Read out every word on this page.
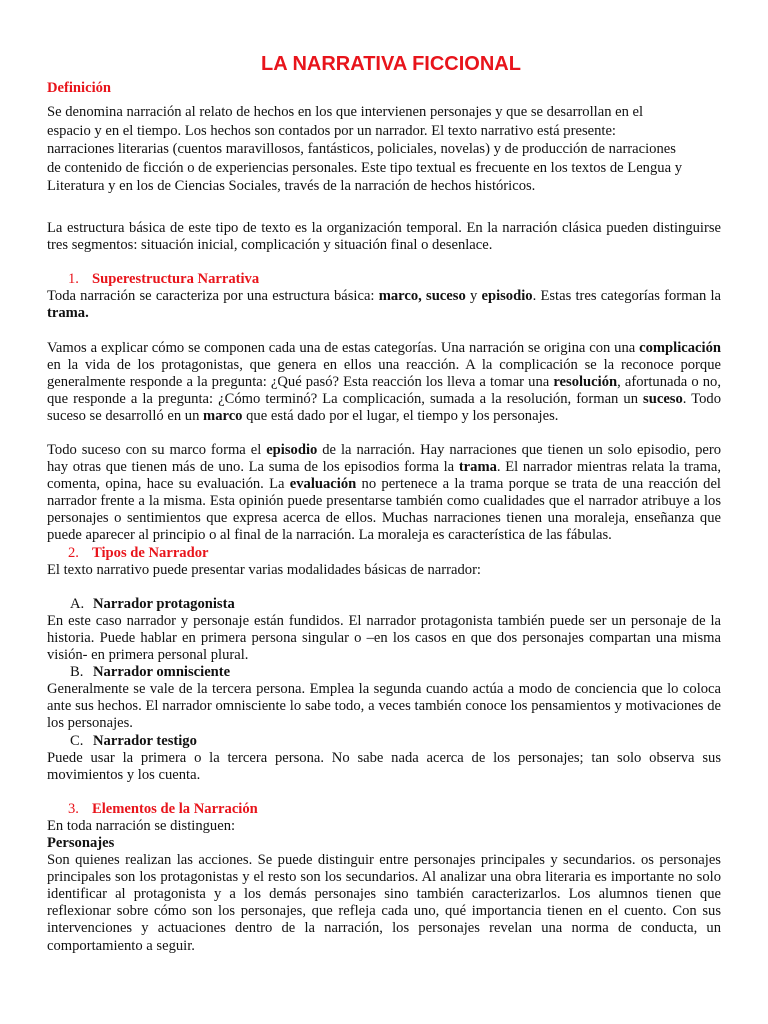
LA NARRATIVA FICCIONAL

Definición

Se denomina narración al relato de hechos en los que intervienen personajes y que se desarrollan en el
espacio y en el tiempo. Los hechos son contados por un narrador. El texto narrativo está presente:
narraciones literarias (cuentos maravillosos, fantásticos, policiales, novelas) y de producción de narraciones
de contenido de ficción o de experiencias personales. Este tipo textual es frecuente en los textos de Lengua y
Literatura y en los de Ciencias Sociales, través de la narración de hechos históricos.

La estructura básica de este tipo de texto es la organización temporal. En la narración clásica pueden distinguirse tres segmentos: situación inicial, complicación y situación final o desenlace.

1. Superestructura Narrativa

Toda narración se caracteriza por una estructura básica: marco, suceso y episodio. Estas tres categorías forman la trama.

Vamos a explicar cómo se componen cada una de estas categorías. Una narración se origina con una complicación en la vida de los protagonistas, que genera en ellos una reacción. A la complicación se la reconoce porque generalmente responde a la pregunta: ¿Qué pasó? Esta reacción los lleva a tomar una resolución, afortunada o no, que responde a la pregunta: ¿Cómo terminó? La complicación, sumada a la resolución, forman un suceso. Todo suceso se desarrolló en un marco que está dado por el lugar, el tiempo y los personajes.

Todo suceso con su marco forma el episodio de la narración. Hay narraciones que tienen un solo episodio, pero hay otras que tienen más de uno. La suma de los episodios forma la trama. El narrador mientras relata la trama, comenta, opina, hace su evaluación. La evaluación no pertenece a la trama porque se trata de una reacción del narrador frente a la misma. Esta opinión puede presentarse también como cualidades que el narrador atribuye a los personajes o sentimientos que expresa acerca de ellos. Muchas narraciones tienen una moraleja, enseñanza que puede aparecer al principio o al final de la narración. La moraleja es característica de las fábulas.

2. Tipos de Narrador

El texto narrativo puede presentar varias modalidades básicas de narrador:

A. Narrador protagonista

En este caso narrador y personaje están fundidos. El narrador protagonista también puede ser un personaje de la historia. Puede hablar en primera persona singular o –en los casos en que dos personajes compartan una misma visión- en primera personal plural.

B. Narrador omnisciente

Generalmente se vale de la tercera persona. Emplea la segunda cuando actúa a modo de conciencia que lo coloca ante sus hechos. El narrador omnisciente lo sabe todo, a veces también conoce los pensamientos y motivaciones de los personajes.

C. Narrador testigo

Puede usar la primera o la tercera persona. No sabe nada acerca de los personajes; tan solo observa sus movimientos y los cuenta.

3. Elementos de la Narración

En toda narración se distinguen:

Personajes

Son quienes realizan las acciones. Se puede distinguir entre personajes principales y secundarios. os personajes principales son los protagonistas y el resto son los secundarios. Al analizar una obra literaria es importante no solo identificar al protagonista y a los demás personajes sino también caracterizarlos. Los alumnos tienen que reflexionar sobre cómo son los personajes, que refleja cada uno, qué importancia tienen en el cuento. Con sus intervenciones y actuaciones dentro de la narración, los personajes revelan una norma de conducta, un comportamiento a seguir.
